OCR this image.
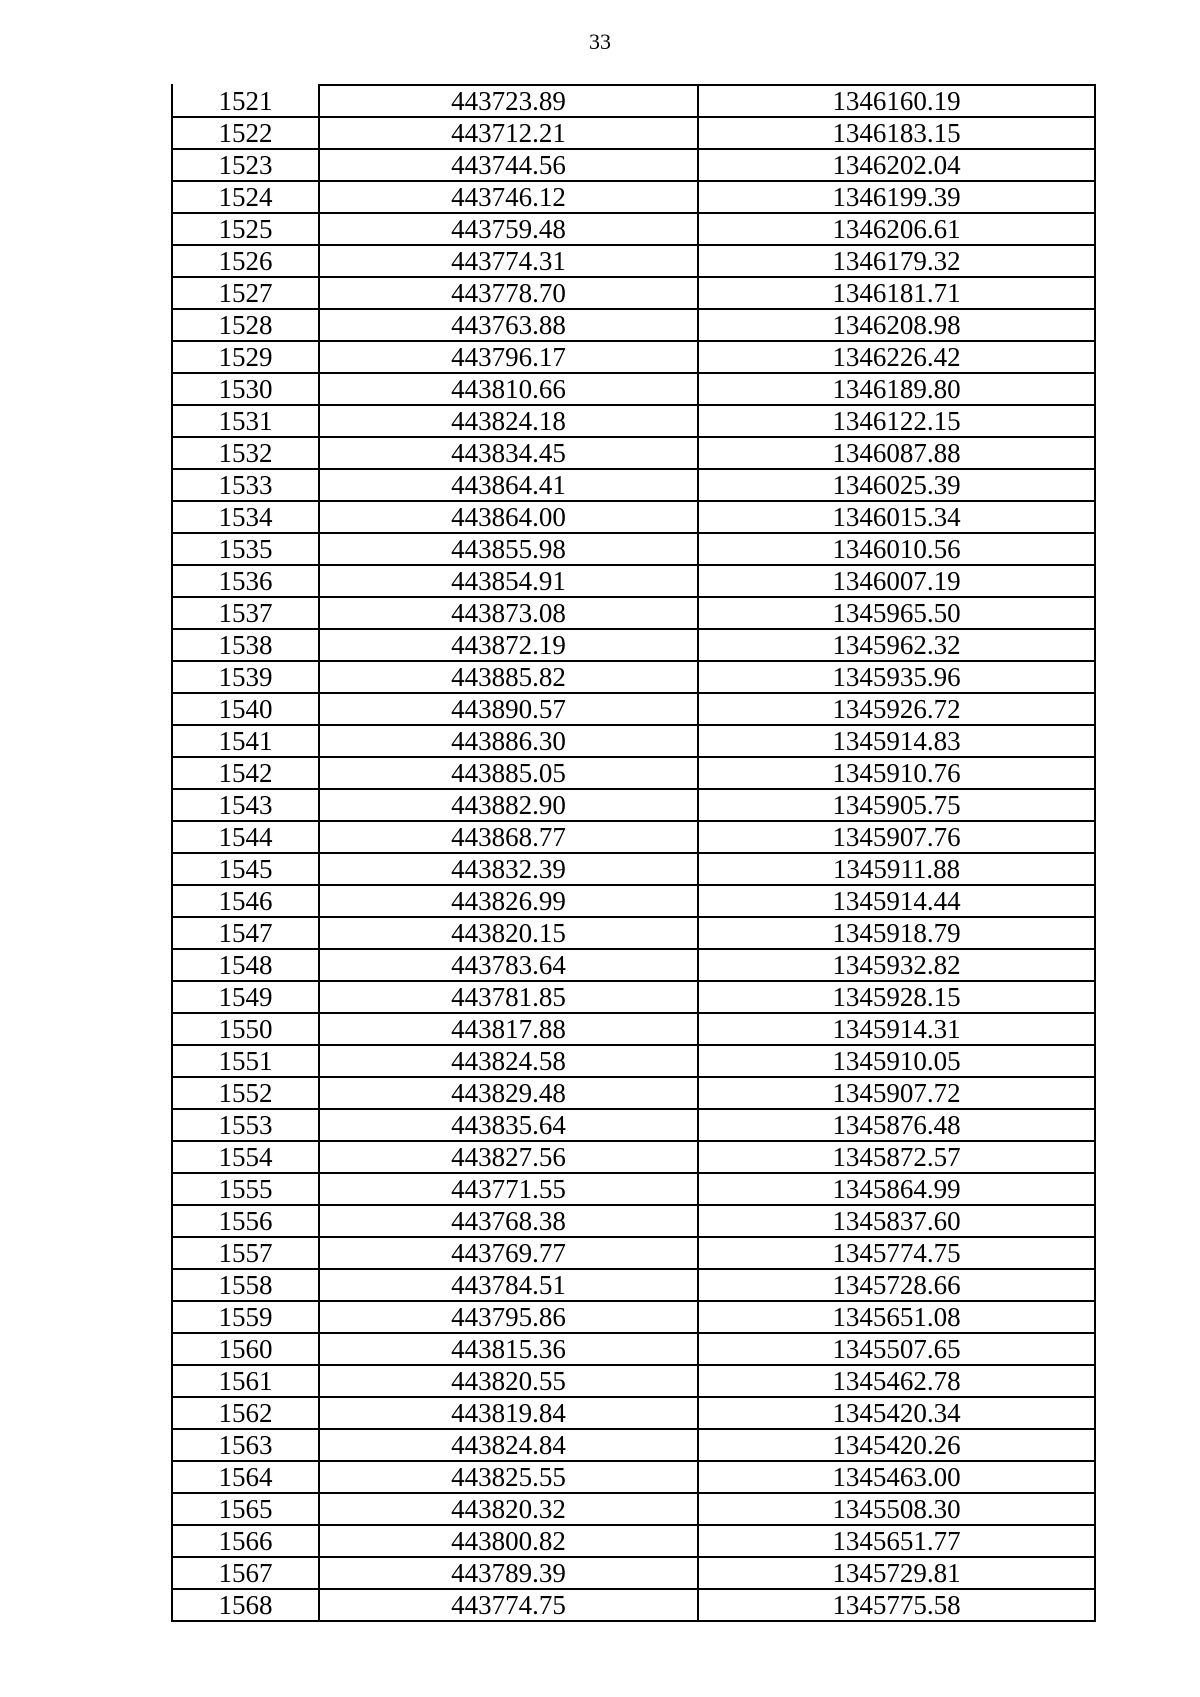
33
1521	443723.89	1346160.19
1522	443712.21	1346183.15
1523	443744.56	1346202.04
1524	443746.12	1346199.39
1525	443759.48	1346206.61
1526	443774.31	1346179.32
1527	443778.70	1346181.71
1528	443763.88	1346208.98
1529	443796.17	1346226.42
1530	443810.66	1346189.80
1531	443824.18	1346122.15
1532	443834.45	1346087.88
1533	443864.41	1346025.39
1534	443864.00	1346015.34
1535	443855.98	1346010.56
1536	443854.91	1346007.19
1537	443873.08	1345965.50
1538	443872.19	1345962.32
1539	443885.82	1345935.96
1540	443890.57	1345926.72
1541	443886.30	1345914.83
1542	443885.05	1345910.76
1543	443882.90	1345905.75
1544	443868.77	1345907.76
1545	443832.39	1345911.88
1546	443826.99	1345914.44
1547	443820.15	1345918.79
1548	443783.64	1345932.82
1549	443781.85	1345928.15
1550	443817.88	1345914.31
1551	443824.58	1345910.05
1552	443829.48	1345907.72
1553	443835.64	1345876.48
1554	443827.56	1345872.57
1555	443771.55	1345864.99
1556	443768.38	1345837.60
1557	443769.77	1345774.75
1558	443784.51	1345728.66
1559	443795.86	1345651.08
1560	443815.36	1345507.65
1561	443820.55	1345462.78
1562	443819.84	1345420.34
1563	443824.84	1345420.26
1564	443825.55	1345463.00
1565	443820.32	1345508.30
1566	443800.82	1345651.77
1567	443789.39	1345729.81
1568	443774.75	1345775.58
